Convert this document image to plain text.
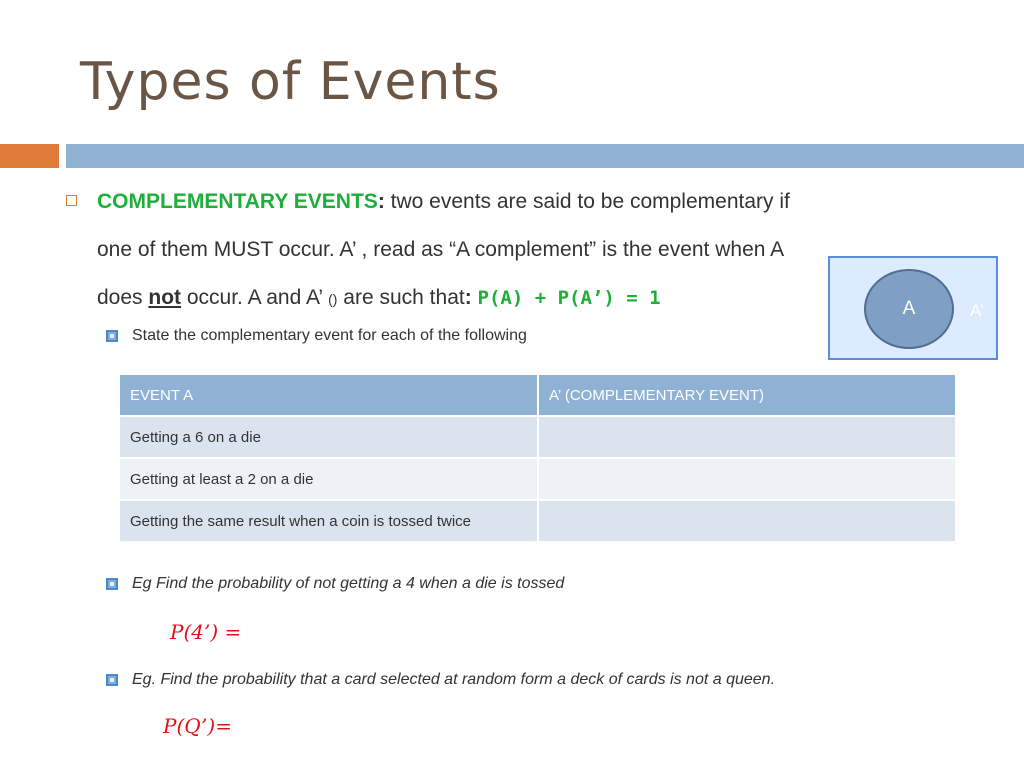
Types of Events
COMPLEMENTARY EVENTS: two events are said to be complementary if
one of them MUST occur. A’ , read as “A complement” is the event when A
does not occur. A and A’ () are such that: P(A) + P(A’) = 1	A	A’
State the complementary event for each of the following
EVENT A	A’ (COMPLEMENTARY EVENT)
Getting a 6 on a die	
Getting at least a 2 on a die	
Getting the same result when a coin is tossed twice	
Eg Find the probability of not getting a 4 when a die is tossed
P(4’) =
Eg. Find the probability that a card selected at random form a deck of cards is not a queen.
P(Q’)=
